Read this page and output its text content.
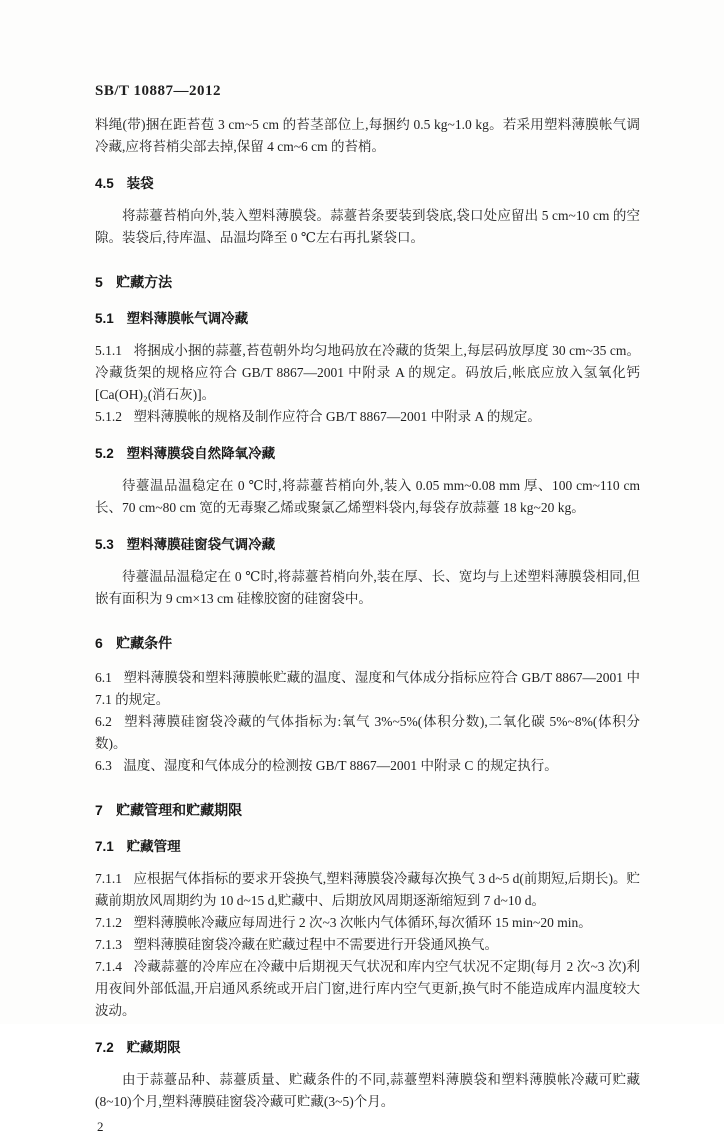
SB/T 10887—2012

料绳(带)捆在距苔苞 3 cm~5 cm 的苔茎部位上,每捆约 0.5 kg~1.0 kg。若采用塑料薄膜帐气调冷藏,应将苔梢尖部去掉,保留 4 cm~6 cm 的苔梢。

4.5 装袋

将蒜薹苔梢向外,装入塑料薄膜袋。蒜薹苔条要装到袋底,袋口处应留出 5 cm~10 cm 的空隙。装袋后,待库温、品温均降至 0 ℃左右再扎紧袋口。

5 贮藏方法
5.1 塑料薄膜帐气调冷藏

5.1.1 将捆成小捆的蒜薹,苔苞朝外均匀地码放在冷藏的货架上,每层码放厚度 30 cm~35 cm。冷藏货架的规格应符合 GB/T 8867—2001 中附录 A 的规定。码放后,帐底应放入氢氧化钙[Ca(OH)₂(消石灰)]。

5.1.2 塑料薄膜帐的规格及制作应符合 GB/T 8867—2001 中附录 A 的规定。

5.2 塑料薄膜袋自然降氧冷藏

待薹温品温稳定在 0 ℃时,将蒜薹苔梢向外,装入 0.05 mm~0.08 mm 厚、100 cm~110 cm 长、70 cm~80 cm 宽的无毒聚乙烯或聚氯乙烯塑料袋内,每袋存放蒜薹 18 kg~20 kg。

5.3 塑料薄膜硅窗袋气调冷藏

待薹温品温稳定在 0 ℃时,将蒜薹苔梢向外,装在厚、长、宽均与上述塑料薄膜袋相同,但嵌有面积为 9 cm×13 cm 硅橡胶窗的硅窗袋中。

6 贮藏条件

6.1 塑料薄膜袋和塑料薄膜帐贮藏的温度、湿度和气体成分指标应符合 GB/T 8867—2001 中 7.1 的规定。

6.2 塑料薄膜硅窗袋冷藏的气体指标为:氧气 3%~5%(体积分数),二氧化碳 5%~8%(体积分数)。

6.3 温度、湿度和气体成分的检测按 GB/T 8867—2001 中附录 C 的规定执行。

7 贮藏管理和贮藏期限
7.1 贮藏管理

7.1.1 应根据气体指标的要求开袋换气,塑料薄膜袋冷藏每次换气 3 d~5 d(前期短,后期长)。贮藏前期放风周期约为 10 d~15 d,贮藏中、后期放风周期逐渐缩短到 7 d~10 d。

7.1.2 塑料薄膜帐冷藏应每周进行 2 次~3 次帐内气体循环,每次循环 15 min~20 min。

7.1.3 塑料薄膜硅窗袋冷藏在贮藏过程中不需要进行开袋通风换气。

7.1.4 冷藏蒜薹的冷库应在冷藏中后期视天气状况和库内空气状况不定期(每月 2 次~3 次)利用夜间外部低温,开启通风系统或开启门窗,进行库内空气更新,换气时不能造成库内温度较大波动。

7.2 贮藏期限

由于蒜薹品种、蒜薹质量、贮藏条件的不同,蒜薹塑料薄膜袋和塑料薄膜帐冷藏可贮藏(8~10)个月,塑料薄膜硅窗袋冷藏可贮藏(3~5)个月。

2
